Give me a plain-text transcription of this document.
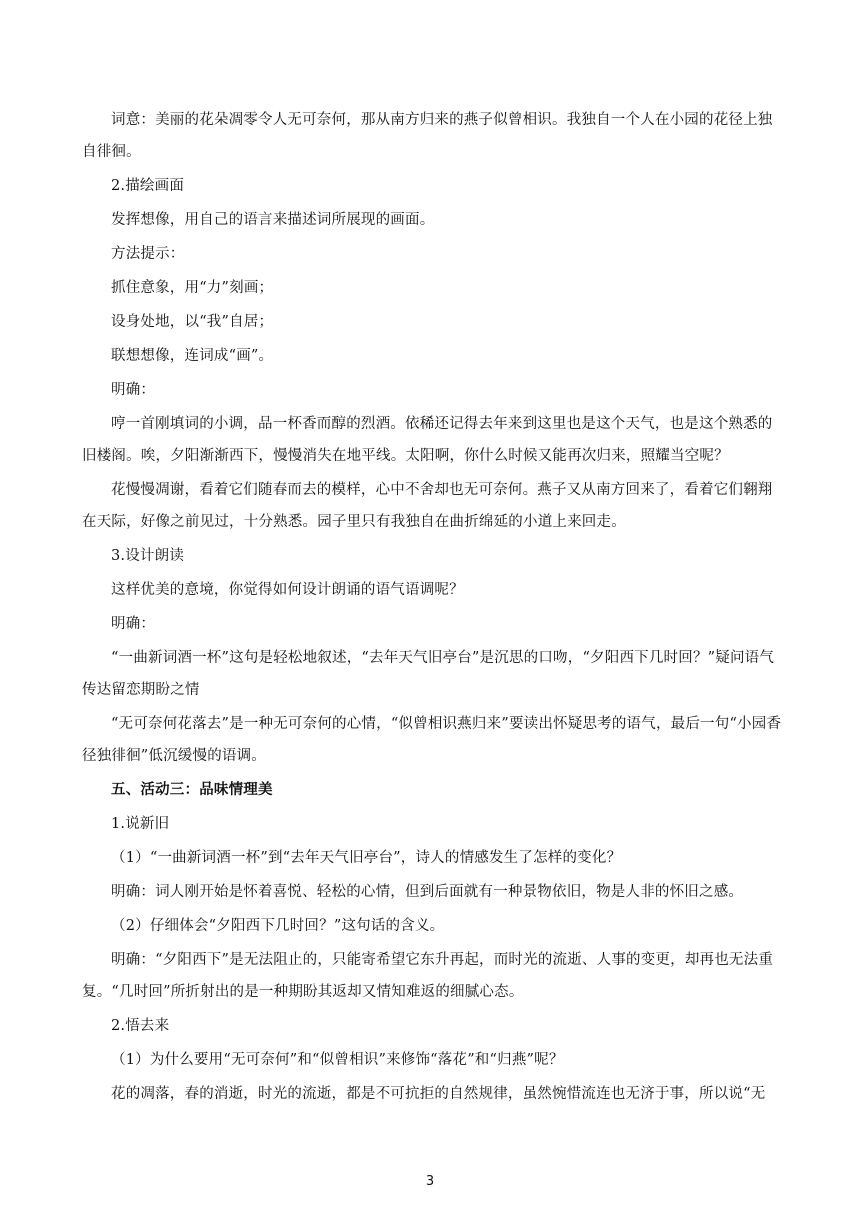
词意：美丽的花朵凋零令人无可奈何，那从南方归来的燕子似曾相识。我独自一个人在小园的花径上独自徘徊。

2.描绘画面

发挥想像，用自己的语言来描述词所展现的画面。

方法提示：

抓住意象，用“力”刻画；

设身处地，以“我”自居；

联想想像，连词成“画”。

明确：

哼一首刚填词的小调，品一杯香而醇的烈酒。依稀还记得去年来到这里也是这个天气，也是这个熟悉的旧楼阁。唉，夕阳渐渐西下，慢慢消失在地平线。太阳啊，你什么时候又能再次归来，照耀当空呢？

花慢慢凋谢，看着它们随春而去的模样，心中不舍却也无可奈何。燕子又从南方回来了，看着它们翱翔在天际，好像之前见过，十分熟悉。园子里只有我独自在曲折绵延的小道上来回走。

3.设计朗读

这样优美的意境，你觉得如何设计朗诵的语气语调呢？

明确：

“一曲新词酒一杯”这句是轻松地叙述，“去年天气旧亭台”是沉思的口吻，“夕阳西下几时回？”疑问语气传达留恋期盼之情

“无可奈何花落去”是一种无可奈何的心情，“似曾相识燕归来”要读出怀疑思考的语气，最后一句“小园香径独徘徊”低沉缓慢的语调。

五、活动三：品味情理美

1.说新旧

（1）“一曲新词酒一杯”到“去年天气旧亭台”，诗人的情感发生了怎样的变化？

明确：词人刚开始是怀着喜悦、轻松的心情，但到后面就有一种景物依旧，物是人非的怀旧之感。

（2）仔细体会“夕阳西下几时回？”这句话的含义。

明确：“夕阳西下”是无法阻止的，只能寄希望它东升再起，而时光的流逝、人事的变更，却再也无法重复。“几时回”所折射出的是一种期盼其返却又情知难返的细腻心态。

2.悟去来

（1）为什么要用“无可奈何”和“似曾相识”来修饰“落花”和“归燕”呢？

花的凋落，春的消逝，时光的流逝，都是不可抗拒的自然规律，虽然惋惜流连也无济于事，所以说“无

3
